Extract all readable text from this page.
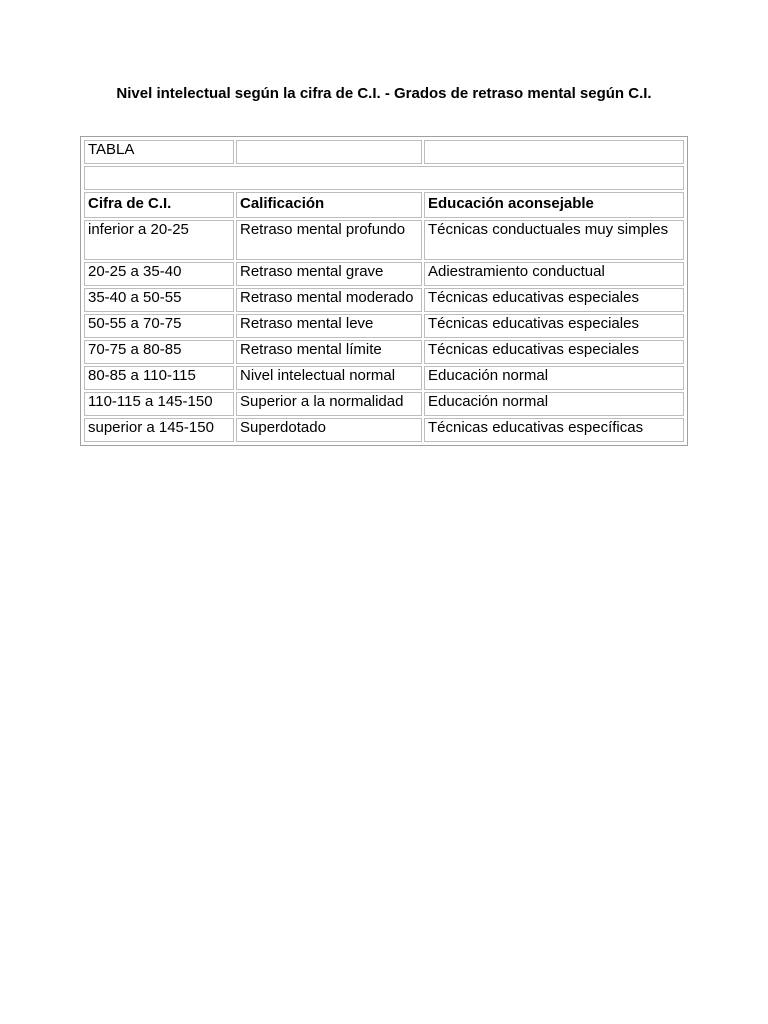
Nivel intelectual según la cifra de C.I. - Grados de retraso mental según C.I.
TABLA		

Cifra de C.I.	Calificación	Educación aconsejable
inferior a 20-25	Retraso mental profundo	Técnicas conductuales muy simples
20-25 a 35-40	Retraso mental grave	Adiestramiento conductual
35-40 a 50-55	Retraso mental moderado	Técnicas educativas especiales
50-55 a 70-75	Retraso mental leve	Técnicas educativas especiales
70-75 a 80-85	Retraso mental límite	Técnicas educativas especiales
80-85 a 110-115	Nivel intelectual normal	Educación normal
110-115 a 145-150	Superior a la normalidad	Educación normal
superior a 145-150	Superdotado	Técnicas educativas específicas
